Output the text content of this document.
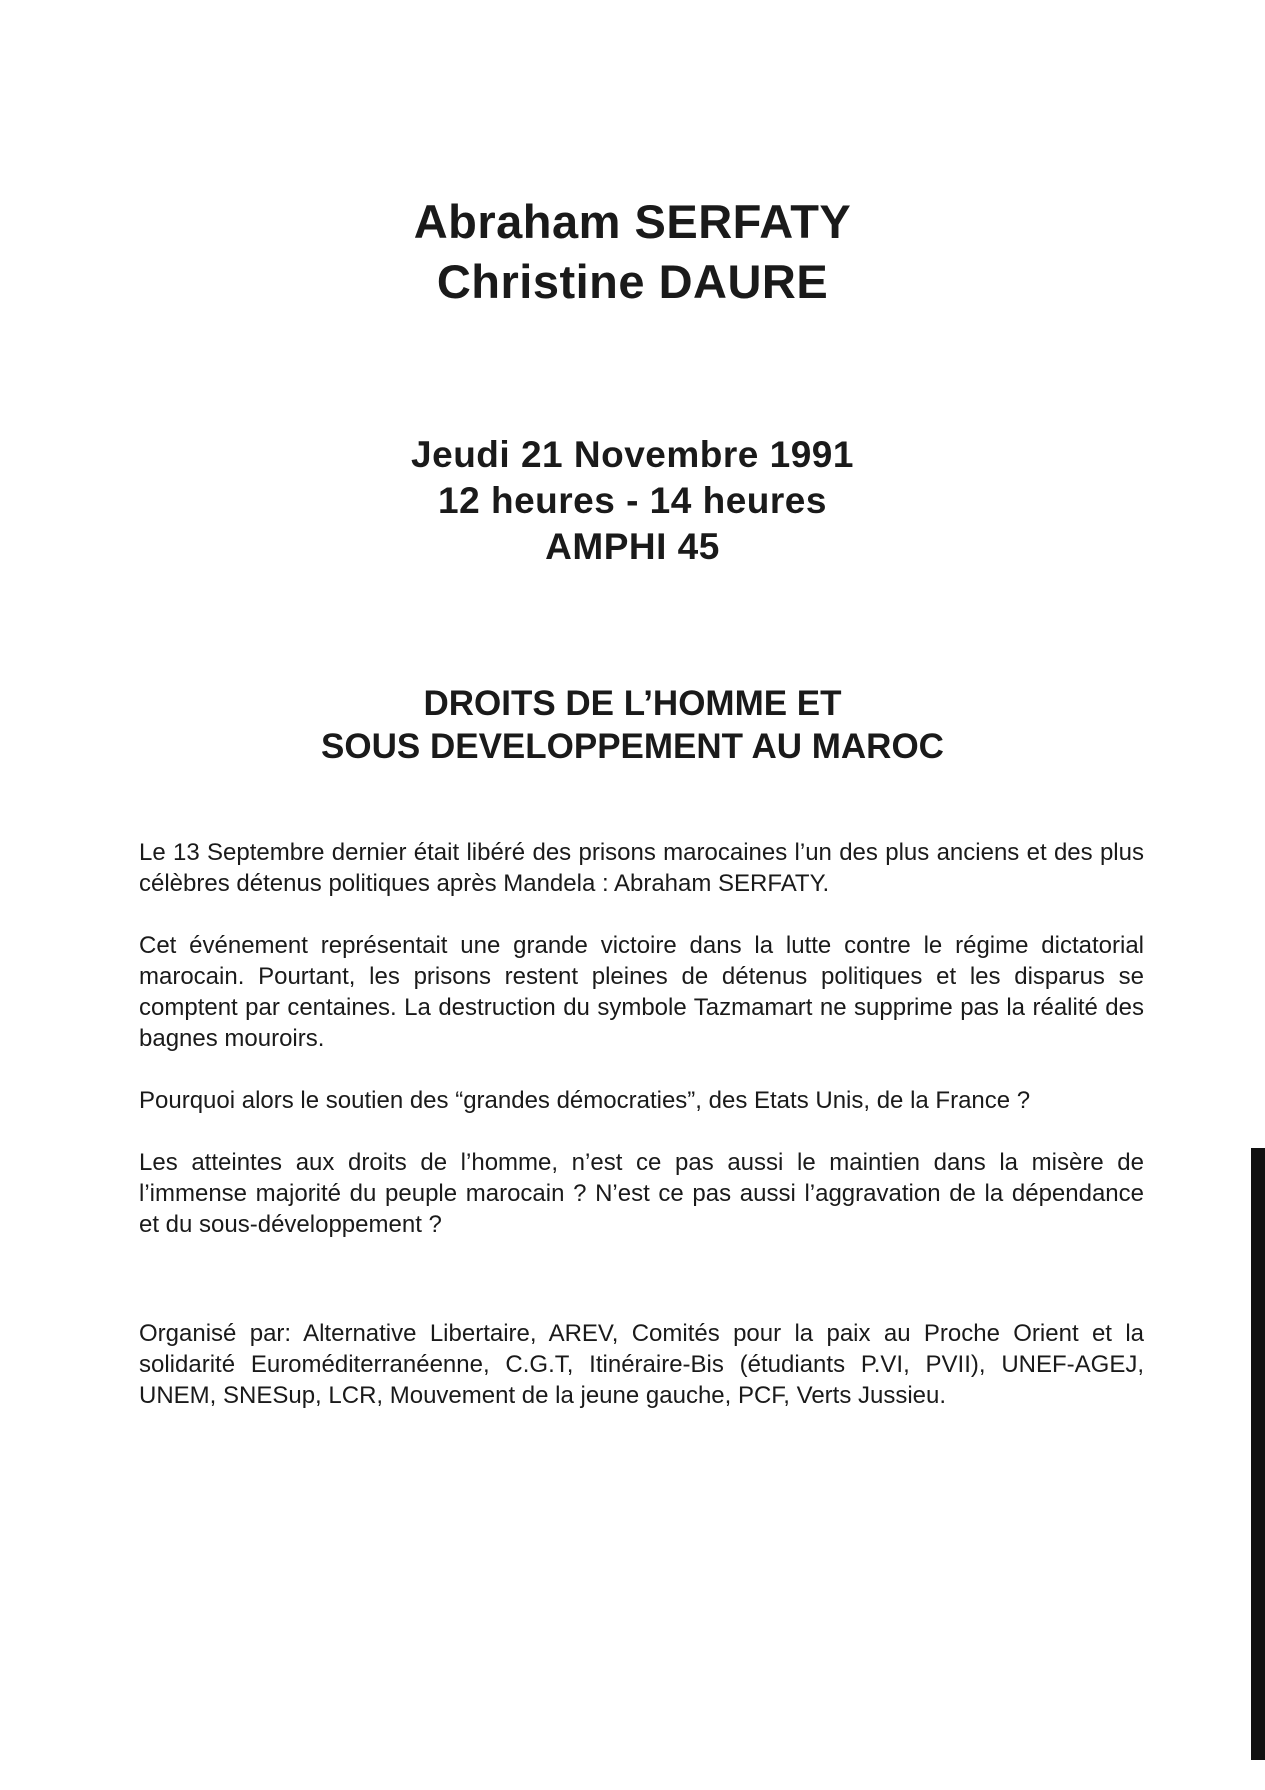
Abraham SERFATY
Christine DAURE
Jeudi 21 Novembre 1991
12 heures - 14 heures
AMPHI 45
DROITS DE L’HOMME ET
SOUS DEVELOPPEMENT AU MAROC

Le 13 Septembre dernier était libéré des prisons marocaines l’un des plus anciens et des plus célèbres détenus politiques après Mandela : Abraham SERFATY.

Cet événement représentait une grande victoire dans la lutte contre le régime dictatorial marocain. Pourtant, les prisons restent pleines de détenus politiques et les disparus se comptent par centaines. La destruction du symbole Tazmamart ne supprime pas la réalité des bagnes mouroirs.

Pourquoi alors le soutien des “grandes démocraties”, des Etats Unis, de la France ?

Les atteintes aux droits de l’homme, n’est ce pas aussi le maintien dans la misère de l’immense majorité du peuple marocain ? N’est ce pas aussi l’aggravation de la dépendance et du sous-développement ?

Organisé par: Alternative Libertaire, AREV, Comités pour la paix au Proche Orient et la solidarité Euroméditerranéenne, C.G.T, Itinéraire-Bis (étudiants P.VI, PVII), UNEF-AGEJ, UNEM, SNESup, LCR, Mouvement de la jeune gauche, PCF, Verts Jussieu.
